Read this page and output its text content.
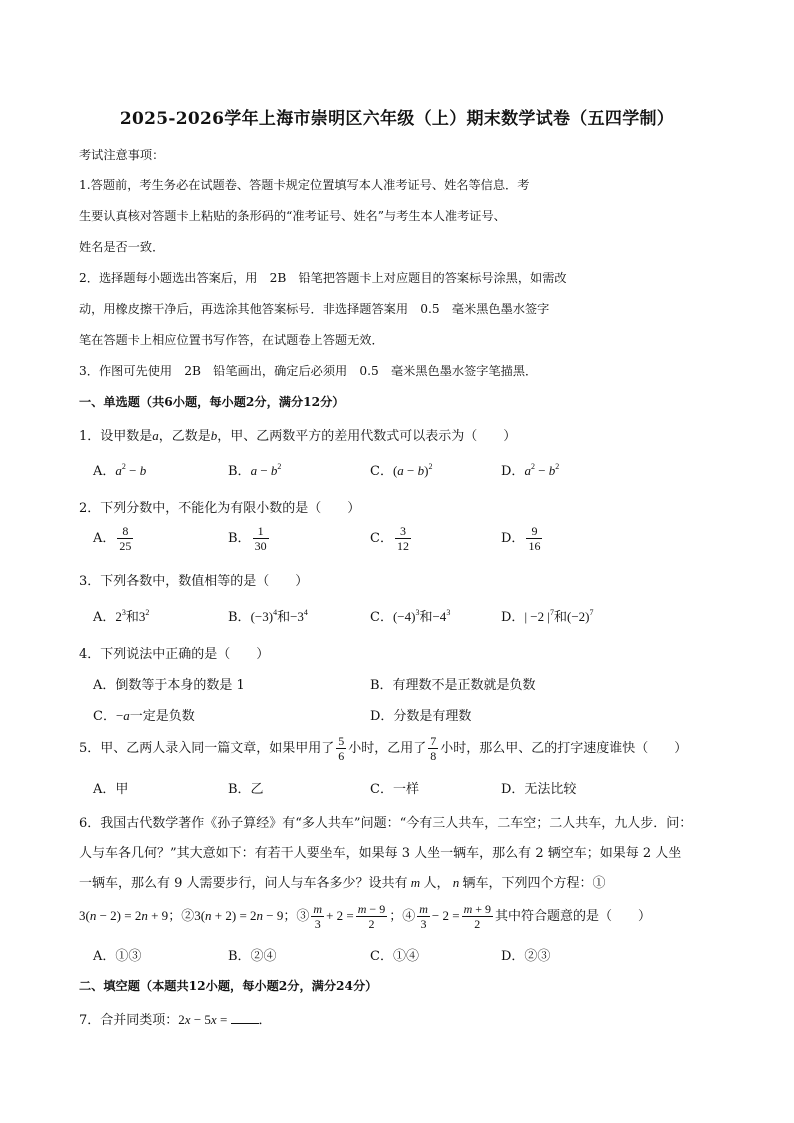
2025-2026学年上海市崇明区六年级（上）期末数学试卷（五四学制）
考试注意事项：
1.答题前，考生务必在试题卷、答题卡规定位置填写本人准考证号、姓名等信息．考
生要认真核对答题卡上粘贴的条形码的“准考证号、姓名”与考生本人准考证号、
姓名是否一致．
2．选择题每小题选出答案后，用　2B　铅笔把答题卡上对应题目的答案标号涂黑，如需改
动，用橡皮擦干净后，再选涂其他答案标号．非选择题答案用　0.5　毫米黑色墨水签字
笔在答题卡上相应位置书写作答，在试题卷上答题无效．
3．作图可先使用　2B　铅笔画出，确定后必须用　0.5　毫米黑色墨水签字笔描黑．
一、单选题（共6小题，每小题2分，满分12分）
1．设甲数是a，乙数是b，甲、乙两数平方的差用代数式可以表示为（　　）
A．$a^2 - b$	B．$a - b^2$	C．$(a - b)^2$	D．$a^2 - b^2$
2．下列分数中，不能化为有限小数的是（　　）
A． $\frac{8}{25}$	B． $\frac{1}{30}$	C． $\frac{3}{12}$	D． $\frac{9}{16}$
3．下列各数中，数值相等的是（　　）
A．$2^3$和$3^2$	B．$(-3)^4$和$-3^4$	C．$(-4)^3$和$-4^3$	D．| −2 $|^7$和$(-2)^7$
4．下列说法中正确的是（　　）
A．倒数等于本身的数是 1	B．有理数不是正数就是负数
C．−a一定是负数	D．分数是有理数
5．甲、乙两人录入同一篇文章，如果甲用了 $\frac{5}{6}$ 小时，乙用了 $\frac{7}{8}$ 小时，那么甲、乙的打字速度谁快（　　）
A．甲	B．乙	C．一样	D．无法比较
6．我国古代数学著作《孙子算经》有“多人共车”问题：“今有三人共车，二车空；二人共车，九人步．问：
人与车各几何？”其大意如下：有若干人要坐车，如果每 3 人坐一辆车，那么有 2 辆空车；如果每 2 人坐
一辆车，那么有 9 人需要步行，问人与车各多少？设共有 m 人， n 辆车，下列四个方程：①
3(n − 2) = 2n + 9；②3(n + 2) = 2n − 9；③ $\frac{m}{3} + 2 = \frac{m - 9}{2}$ ；④ $\frac{m}{3} - 2 = \frac{m + 9}{2}$ 其中符合题意的是（　　）
A．①③	B．②④	C．①④	D．②③
二、填空题（本题共12小题，每小题2分，满分24分）
7．合并同类项：2x − 5x = ．
